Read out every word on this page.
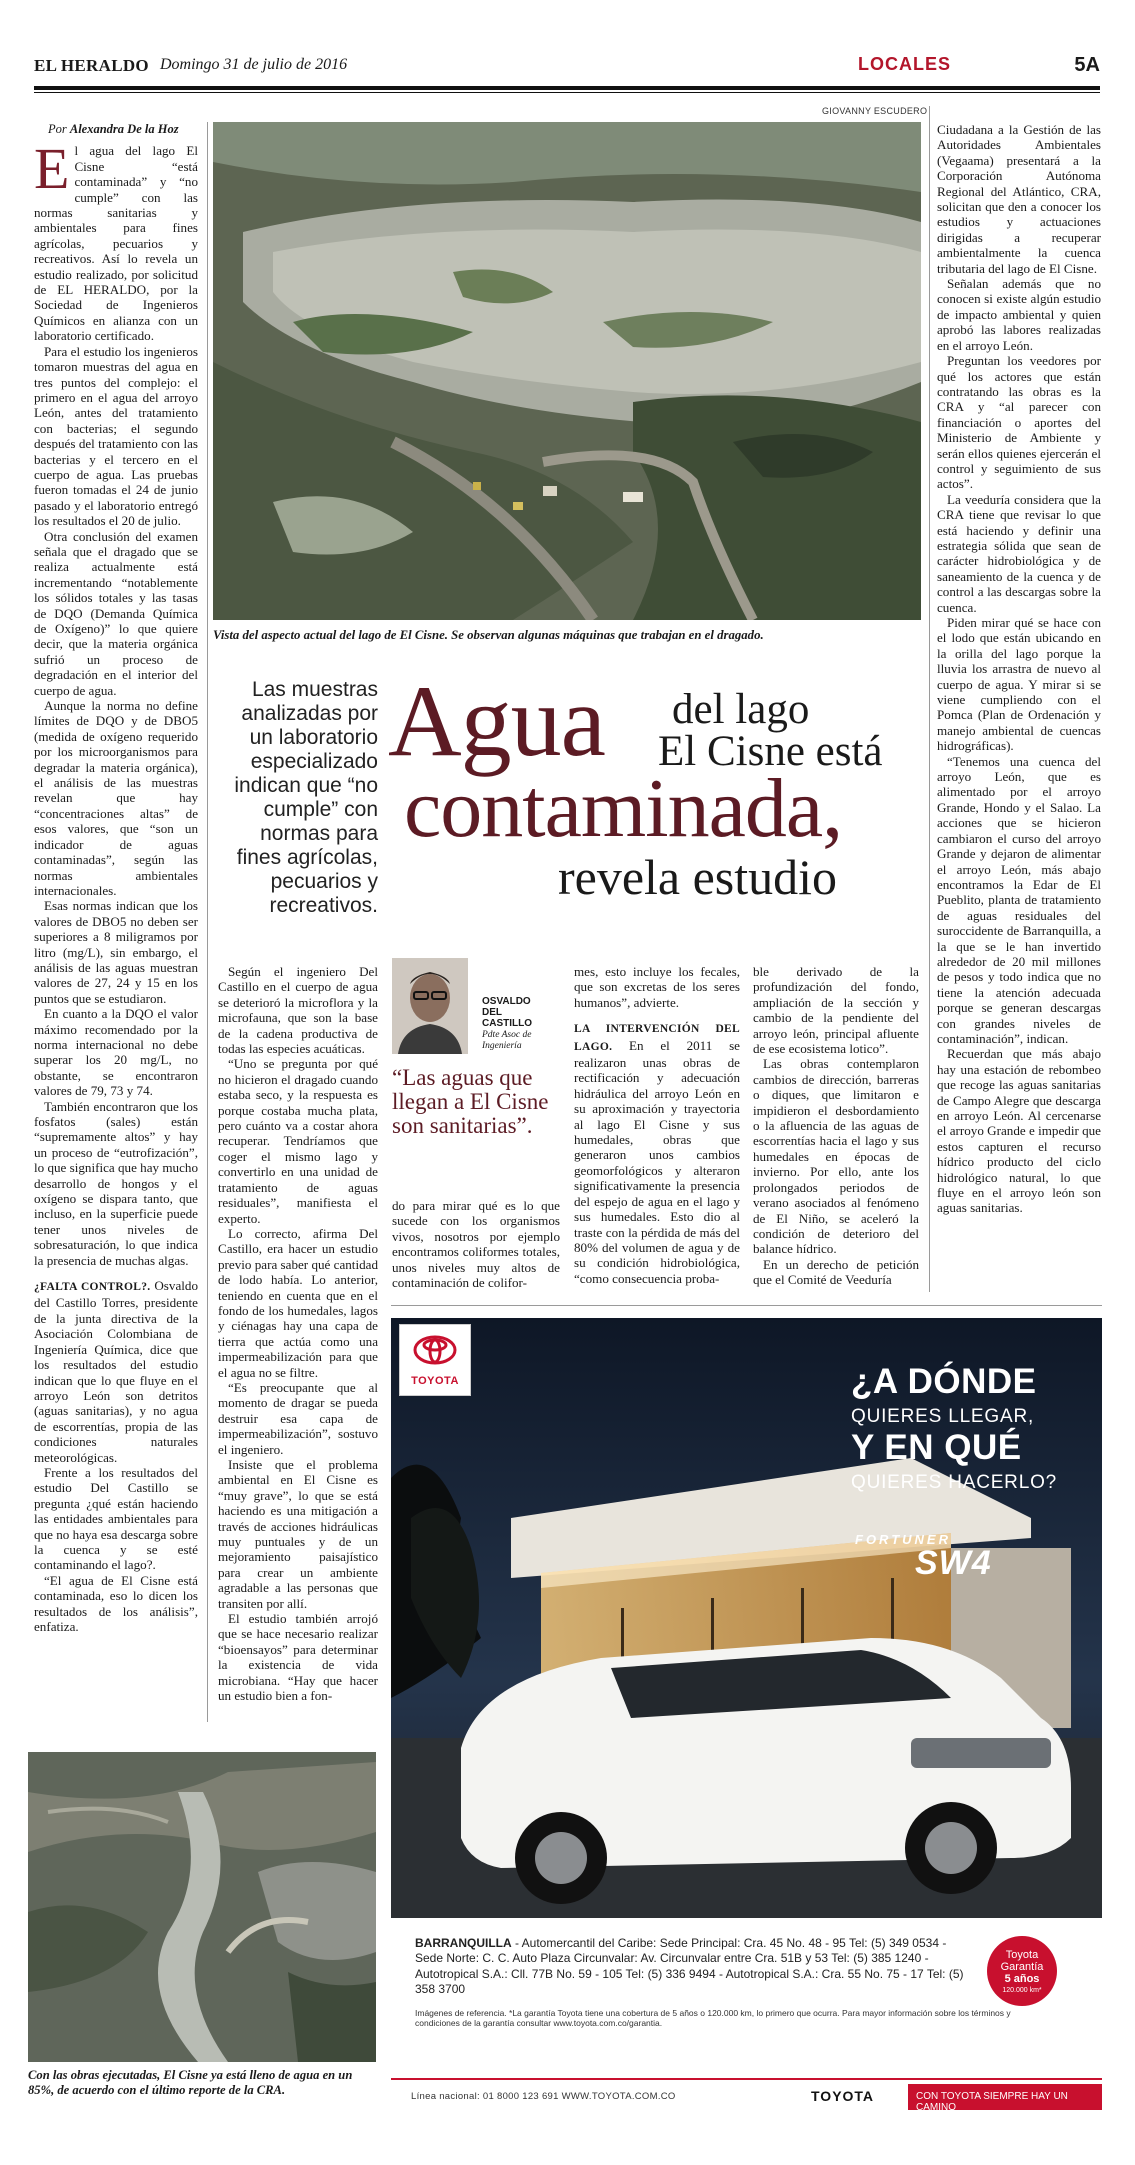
EL HERALDO Domingo 31 de julio de 2016	LOCALES	5A
Por Alexandra De la Hoz

El agua del lago El Cisne “está contaminada” y “no cumple” con las normas sanitarias y ambientales para fines agrícolas, pecuarios y recreativos. Así lo revela un estudio realizado, por solicitud de EL HERALDO, por la Sociedad de Ingenieros Químicos en alianza con un laboratorio certificado.

Para el estudio los ingenieros tomaron muestras del agua en tres puntos del complejo: el primero en el agua del arroyo León, antes del tratamiento con bacterias; el segundo después del tratamiento con las bacterias y el tercero en el cuerpo de agua. Las pruebas fueron tomadas el 24 de junio pasado y el laboratorio entregó los resultados el 20 de julio.

Otra conclusión del examen señala que el dragado que se realiza actualmente está incrementando “notablemente los sólidos totales y las tasas de DQO (Demanda Química de Oxígeno)” lo que quiere decir, que la materia orgánica sufrió un proceso de degradación en el interior del cuerpo de agua.

Aunque la norma no define límites de DQO y de DBO5 (medida de oxígeno requerido por los microorganismos para degradar la materia orgánica), el análisis de las muestras revelan que hay “concentraciones altas” de esos valores, que “son un indicador de aguas contaminadas”, según las normas ambientales internacionales.

Esas normas indican que los valores de DBO5 no deben ser superiores a 8 miligramos por litro (mg/L), sin embargo, el análisis de las aguas muestran valores de 27, 24 y 15 en los puntos que se estudiaron.

En cuanto a la DQO el valor máximo recomendado por la norma internacional no debe superar los 20 mg/L, no obstante, se encontraron valores de 79, 73 y 74.

También encontraron que los fosfatos (sales) están “supremamente altos” y hay un proceso de “eutrofización”, lo que significa que hay mucho desarrollo de hongos y el oxígeno se dispara tanto, que incluso, en la superficie puede tener unos niveles de sobresaturación, lo que indica la presencia de muchas algas.

¿FALTA CONTROL?. Osvaldo del Castillo Torres, presidente de la junta directiva de la Asociación Colombiana de Ingeniería Química, dice que los resultados del estudio indican que lo que fluye en el arroyo León son detritos (aguas sanitarias), y no agua de escorrentías, propia de las condiciones naturales meteorológicas.

Frente a los resultados del estudio Del Castillo se pregunta ¿qué están haciendo las entidades ambientales para que no haya esa descarga sobre la cuenca y se esté contaminando el lago?.

“El agua de El Cisne está contaminada, eso lo dicen los resultados de los análisis”, enfatiza.

Con las obras ejecutadas, El Cisne ya está lleno de agua en un 85%, de acuerdo con el último reporte de la CRA.
GIOVANNY ESCUDERO
Vista del aspecto actual del lago de El Cisne. Se observan algunas máquinas que trabajan en el dragado.
Las muestras analizadas por un laboratorio especializado indican que “no cumple” con normas para fines agrícolas, pecuarios y recreativos.
Agua del lago
El Cisne está
contaminada,
revela estudio

Según el ingeniero Del Castillo en el cuerpo de agua se deterioró la microflora y la microfauna, que son la base de la cadena productiva de todas las especies acuáticas.

“Uno se pregunta por qué no hicieron el dragado cuando estaba seco, y la respuesta es porque costaba mucha plata, pero cuánto va a costar ahora recuperar. Tendríamos que coger el mismo lago y convertirlo en una unidad de tratamiento de aguas residuales”, manifiesta el experto.

Lo correcto, afirma Del Castillo, era hacer un estudio previo para saber qué cantidad de lodo había. Lo anterior, teniendo en cuenta que en el fondo de los humedales, lagos y ciénagas hay una capa de tierra que actúa como una impermeabilización para que el agua no se filtre.

“Es preocupante que al momento de dragar se pueda destruir esa capa de impermeabilización”, sostuvo el ingeniero.

Insiste que el problema ambiental en El Cisne es “muy grave”, lo que se está haciendo es una mitigación a través de acciones hidráulicas muy puntuales y de un mejoramiento paisajístico para crear un ambiente agradable a las personas que transiten por allí.

El estudio también arrojó que se hace necesario realizar “bioensayos” para determinar la existencia de vida microbiana. “Hay que hacer un estudio bien a fon-

OSVALDO DEL CASTILLO
Pdte Asoc de Ingeniería
“Las aguas que llegan a El Cisne son sanitarias”.

do para mirar qué es lo que sucede con los organismos vivos, nosotros por ejemplo encontramos coliformes totales, unos niveles muy altos de contaminación de colifor-

mes, esto incluye los fecales, que son excretas de los seres humanos”, advierte.

LA INTERVENCIÓN DEL LAGO. En el 2011 se realizaron unas obras de rectificación y adecuación hidráulica del arroyo León en su aproximación y trayectoria al lago El Cisne y sus humedales, obras que generaron unos cambios geomorfológicos y alteraron significativamente la presencia del espejo de agua en el lago y sus humedales. Esto dio al traste con la pérdida de más del 80% del volumen de agua y de su condición hidrobiológica, “como consecuencia proba-

ble derivado de la profundización del fondo, ampliación de la sección y cambio de la pendiente del arroyo león, principal afluente de ese ecosistema lotico”.

Las obras contemplaron cambios de dirección, barreras o diques, que limitaron e impidieron el desbordamiento o la afluencia de las aguas de escorrentías hacia el lago y sus humedales en épocas de invierno. Por ello, ante los prolongados periodos de verano asociados al fenómeno de El Niño, se aceleró la condición de deterioro del balance hídrico.

En un derecho de petición que el Comité de Veeduría

Ciudadana a la Gestión de las Autoridades Ambientales (Vegaama) presentará a la Corporación Autónoma Regional del Atlántico, CRA, solicitan que den a conocer los estudios y actuaciones dirigidas a recuperar ambientalmente la cuenca tributaria del lago de El Cisne.

Señalan además que no conocen si existe algún estudio de impacto ambiental y quien aprobó las labores realizadas en el arroyo León.

Preguntan los veedores por qué los actores que están contratando las obras es la CRA y “al parecer con financiación o aportes del Ministerio de Ambiente y serán ellos quienes ejercerán el control y seguimiento de sus actos”.

La veeduría considera que la CRA tiene que revisar lo que está haciendo y definir una estrategia sólida que sean de carácter hidrobiológica y de saneamiento de la cuenca y de control a las descargas sobre la cuenca.

Piden mirar qué se hace con el lodo que están ubicando en la orilla del lago porque la lluvia los arrastra de nuevo al cuerpo de agua. Y mirar si se viene cumpliendo con el Pomca (Plan de Ordenación y manejo ambiental de cuencas hidrográficas).

“Tenemos una cuenca del arroyo León, que es alimentado por el arroyo Grande, Hondo y el Salao. La acciones que se hicieron cambiaron el curso del arroyo Grande y dejaron de alimentar el arroyo León, más abajo encontramos la Edar de El Pueblito, planta de tratamiento de aguas residuales del suroccidente de Barranquilla, a la que se le han invertido alrededor de 20 mil millones de pesos y todo indica que no tiene la atención adecuada porque se generan descargas con grandes niveles de contaminación”, indican.

Recuerdan que más abajo hay una estación de rebombeo que recoge las aguas sanitarias de Campo Alegre que descarga en arroyo León. Al cercenarse el arroyo Grande e impedir que estos capturen el recurso hídrico producto del ciclo hidrológico natural, lo que fluye en el arroyo león son aguas sanitarias.

TOYOTA	¿A DÓNDE
QUIERES LLEGAR,
Y EN QUÉ
QUIERES HACERLO?
FORTUNER
SW4
BARRANQUILLA - Automercantil del Caribe: Sede Principal: Cra. 45 No. 48 - 95 Tel: (5) 349 0534 - Sede Norte: C. C. Auto Plaza Circunvalar: Av. Circunvalar entre Cra. 51B y 53 Tel: (5) 385 1240 - Autotropical S.A.: Cll. 77B No. 59 - 105 Tel: (5) 336 9494 - Autotropical S.A.: Cra. 55 No. 75 - 17 Tel: (5) 358 3700
Imágenes de referencia. *La garantía Toyota tiene una cobertura de 5 años o 120.000 km, lo primero que ocurra. Para mayor información sobre los términos y condiciones de la garantía consultar www.toyota.com.co/garantia.
Toyota
Garantía
5 años
120.000 km*
Línea nacional: 01 8000 123 691 WWW.TOYOTA.COM.CO	TOYOTA	CON TOYOTA SIEMPRE HAY UN CAMINO
